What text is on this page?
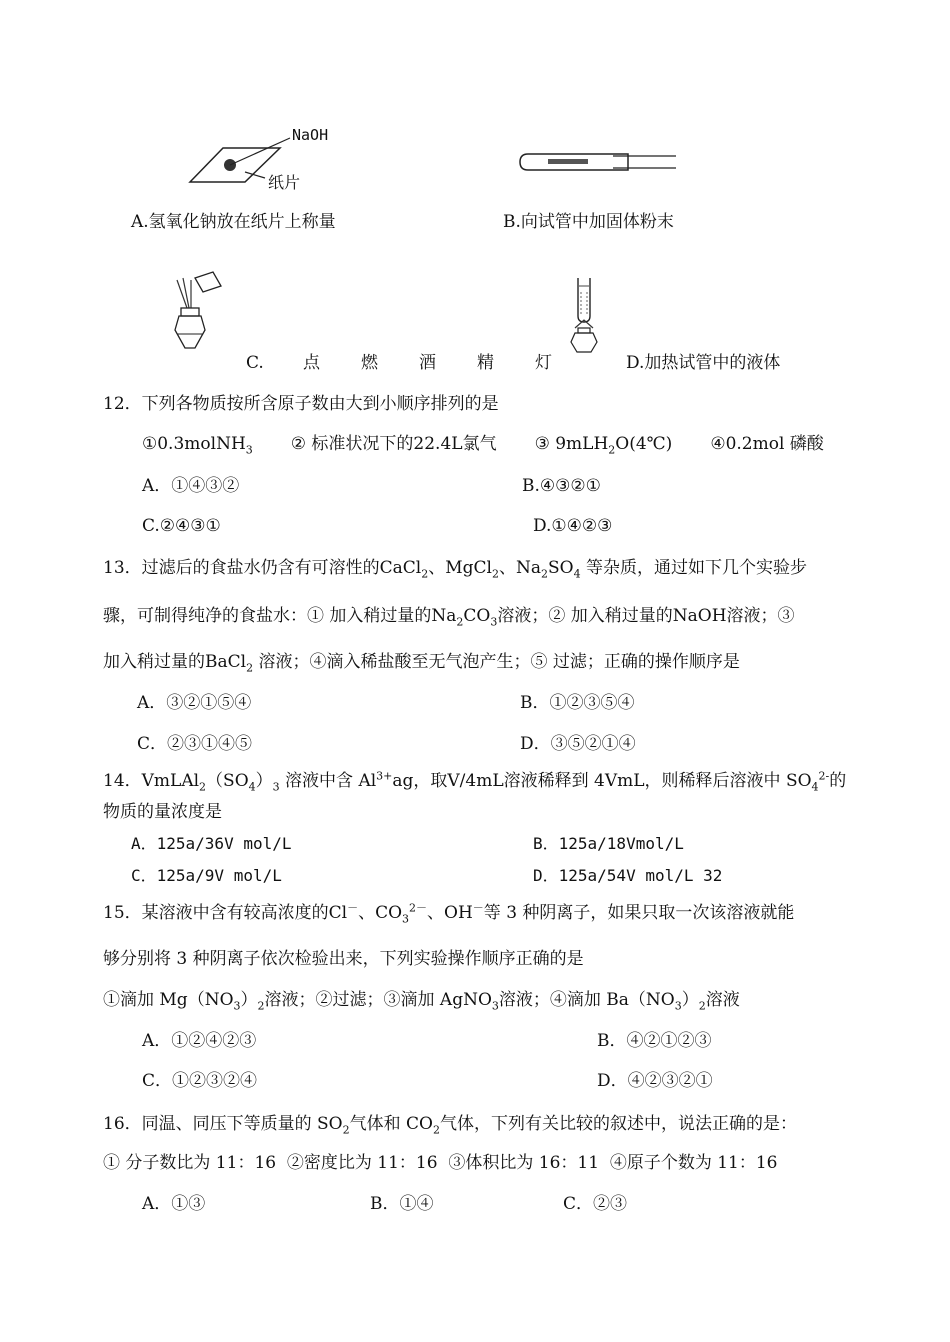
NaOH
纸片
A.氢氧化钠放在纸片上称量	B.向试管中加固体粉末
C. 点 燃 酒 精 灯	D.加热试管中的液体
12．下列各物质按所含原子数由大到小顺序排列的是
①0.3molNH$_3$ ② 标准状况下的22.4L氯气 ③ 9mLH$_2$O(4℃) ④0.2mol 磷酸
A．①④③②	B.④③②①
C.②④③①	D.①④②③
13．过滤后的食盐水仍含有可溶性的CaCl$_2$、MgCl$_2$、$Na_2SO_4$ 等杂质，通过如下几个实验步
骤，可制得纯净的食盐水：① 加入稍过量的$Na_2CO_3$溶液；② 加入稍过量的NaOH溶液；③
加入稍过量的BaCl$_2$ 溶液；④滴入稀盐酸至无气泡产生；⑤ 过滤；正确的操作顺序是
A．③②①⑤④	B．①②③⑤④
C．②③①④⑤	D．③⑤②①④
14．$VmLAl_2(SO_4)_3$ 溶液中含 $Al^{3+}ag$，取V/4mL溶液稀释到 4VmL，则稀释后溶液中 $SO_4^{2-}$的
物质的量浓度是
A．125a/36V mol/L	B．125a/18Vmol/L
C．125a/9V mol/L	D．125a/54V mol/L 32
15．某溶液中含有较高浓度的Cl－、$CO_3^{2-}$、OH－等 3 种阴离子，如果只取一次该溶液就能
够分别将 3 种阴离子依次检验出来，下列实验操作顺序正确的是
①滴加 $Mg(NO_3)_2$溶液；②过滤；③滴加 AgNO$_3$溶液；④滴加 $Ba(NO_3)_2$溶液
A．①②④②③	B．④②①②③
C．①②③②④	D．④②③②①
16．同温、同压下等质量的 $SO_2$气体和 $CO_2$气体，下列有关比较的叙述中，说法正确的是：
① 分子数比为 11：16  ②密度比为 11：16  ③体积比为 16：11  ④原子个数为 11：16
A．①③	B．①④	C．②③
